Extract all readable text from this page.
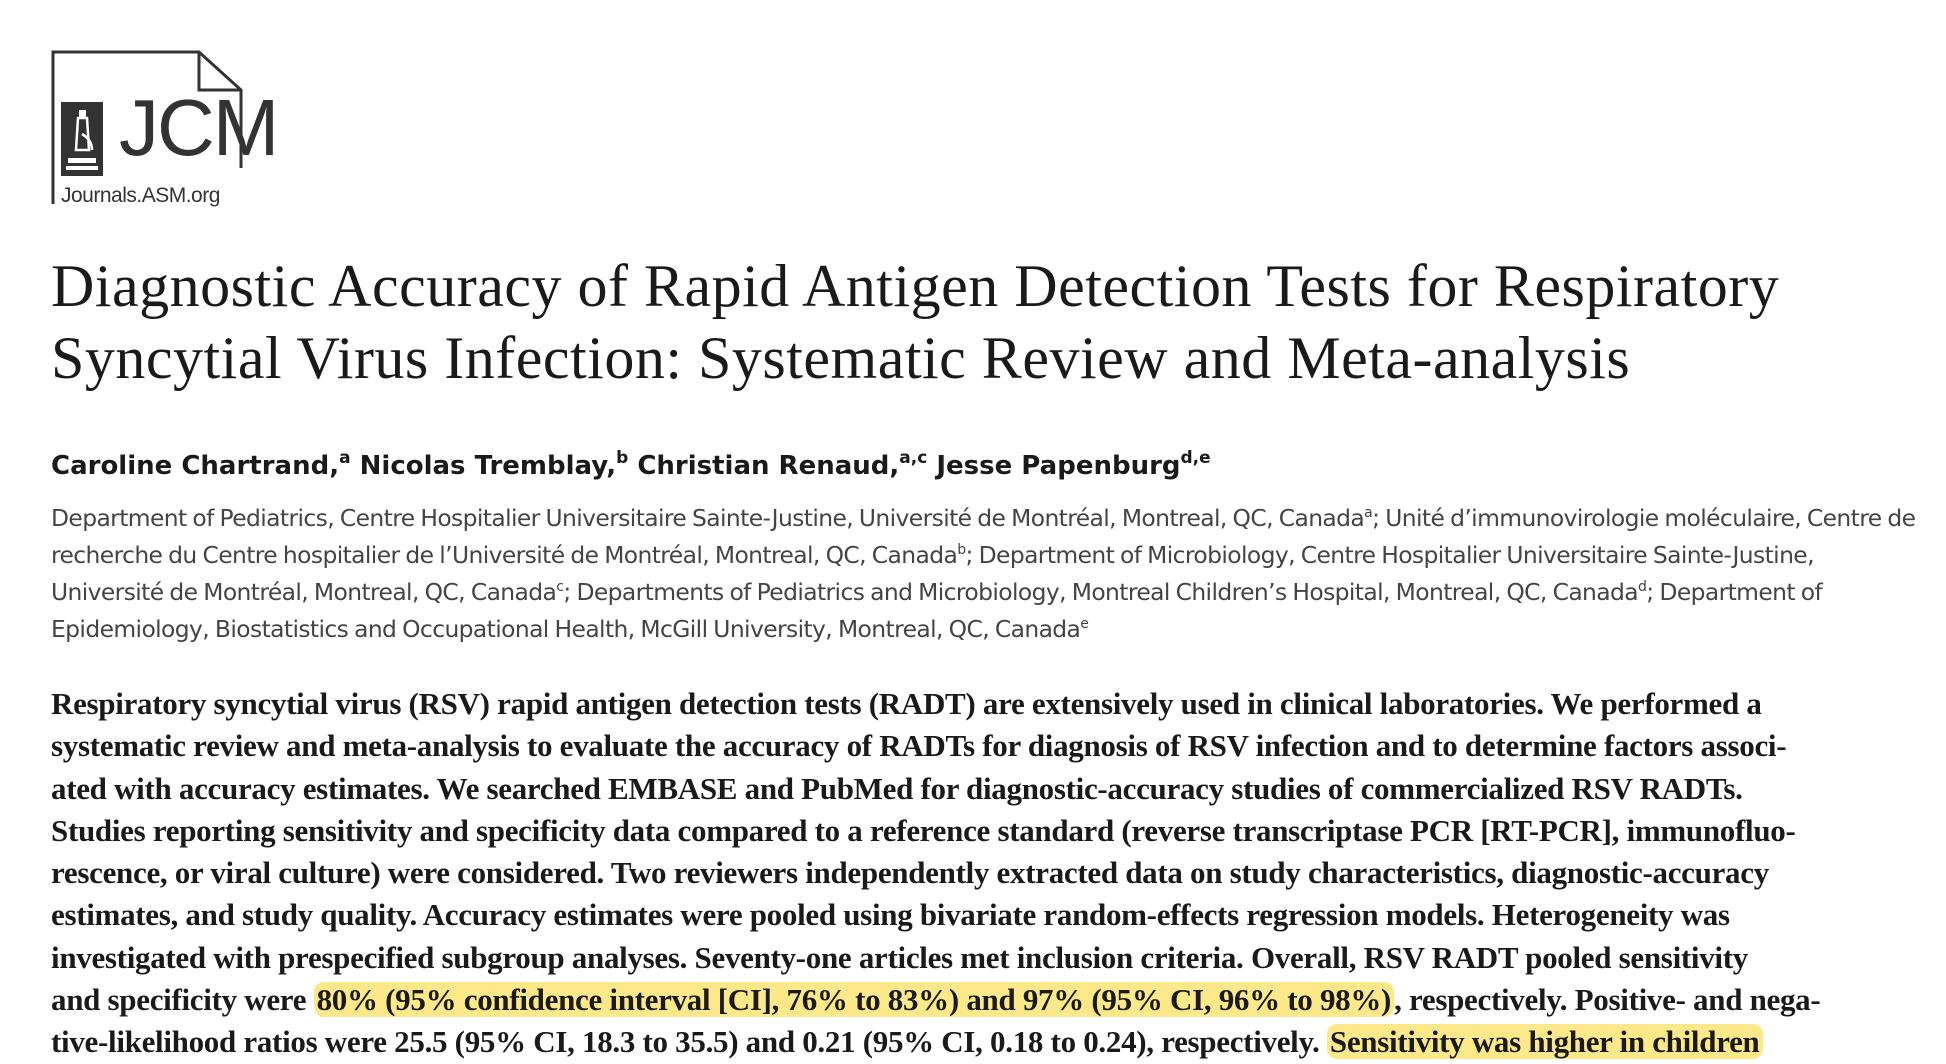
JCM
Journals.ASM.org
Diagnostic Accuracy of Rapid Antigen Detection Tests for Respiratory
Syncytial Virus Infection: Systematic Review and Meta-analysis
Caroline Chartrand,$^a$ Nicolas Tremblay,$^b$ Christian Renaud,$^{a,c}$ Jesse Papenburg$^{d,e}$
Department of Pediatrics, Centre Hospitalier Universitaire Sainte-Justine, Université de Montréal, Montreal, QC, Canada$^a$; Unité d’immunovirologie moléculaire, Centre de
recherche du Centre hospitalier de l’Université de Montréal, Montreal, QC, Canada$^b$; Department of Microbiology, Centre Hospitalier Universitaire Sainte-Justine,
Université de Montréal, Montreal, QC, Canada$^c$; Departments of Pediatrics and Microbiology, Montreal Children’s Hospital, Montreal, QC, Canada$^d$; Department of
Epidemiology, Biostatistics and Occupational Health, McGill University, Montreal, QC, Canada$^e$
Respiratory syncytial virus (RSV) rapid antigen detection tests (RADT) are extensively used in clinical laboratories. We performed a
systematic review and meta-analysis to evaluate the accuracy of RADTs for diagnosis of RSV infection and to determine factors associ-
ated with accuracy estimates. We searched EMBASE and PubMed for diagnostic-accuracy studies of commercialized RSV RADTs.
Studies reporting sensitivity and specificity data compared to a reference standard (reverse transcriptase PCR [RT-PCR], immunofluo-
rescence, or viral culture) were considered. Two reviewers independently extracted data on study characteristics, diagnostic-accuracy
estimates, and study quality. Accuracy estimates were pooled using bivariate random-effects regression models. Heterogeneity was
investigated with prespecified subgroup analyses. Seventy-one articles met inclusion criteria. Overall, RSV RADT pooled sensitivity
and specificity were 80% (95% confidence interval [CI], 76% to 83%) and 97% (95% CI, 96% to 98%), respectively. Positive- and nega-
tive-likelihood ratios were 25.5 (95% CI, 18.3 to 35.5) and 0.21 (95% CI, 0.18 to 0.24), respectively. Sensitivity was higher in children
